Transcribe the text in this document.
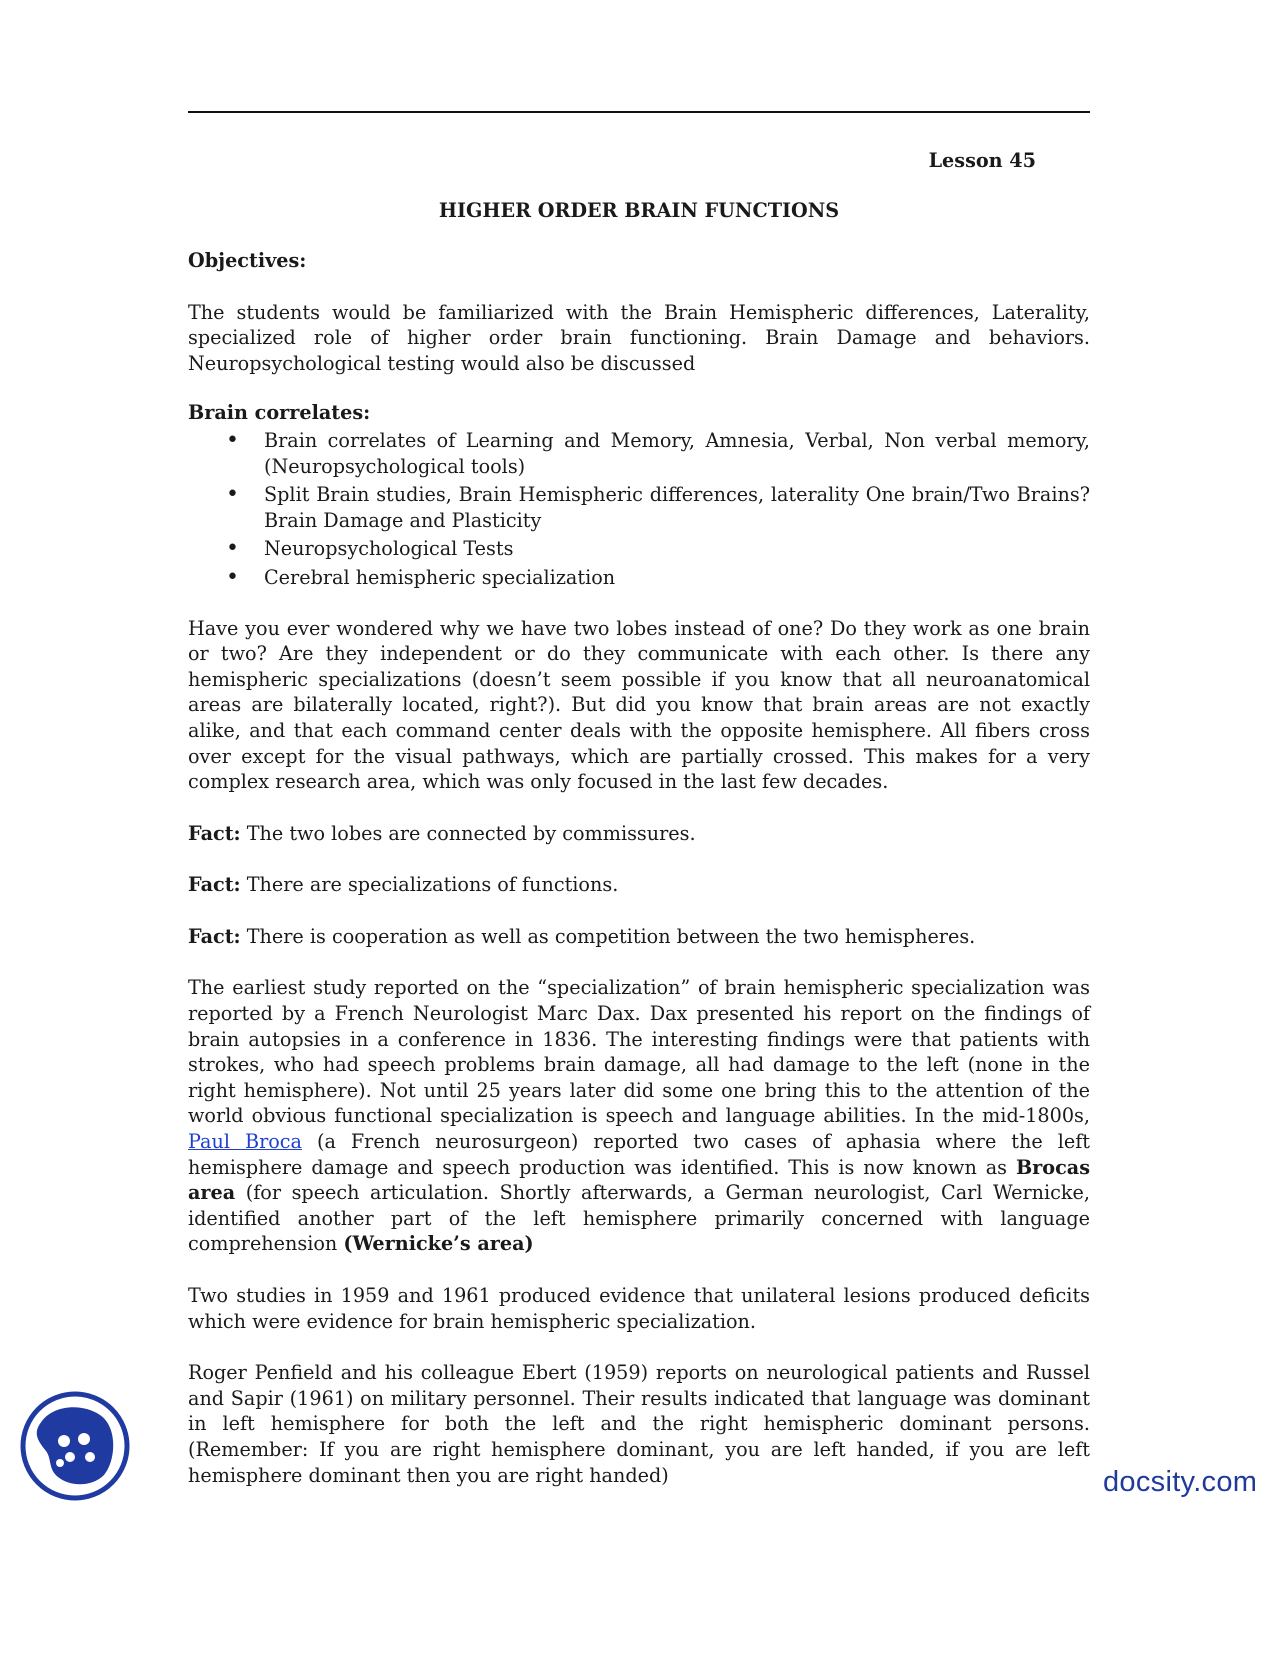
Lesson 45
HIGHER ORDER BRAIN FUNCTIONS
Objectives:

The students would be familiarized with the Brain Hemispheric differences, Laterality, specialized role of higher order brain functioning. Brain Damage and behaviors. Neuropsychological testing would also be discussed

Brain correlates:
• Brain correlates of Learning and Memory, Amnesia, Verbal, Non verbal memory, (Neuropsychological tools)
• Split Brain studies, Brain Hemispheric differences, laterality One brain/Two Brains? Brain Damage and Plasticity
• Neuropsychological Tests
• Cerebral hemispheric specialization

Have you ever wondered why we have two lobes instead of one? Do they work as one brain or two? Are they independent or do they communicate with each other. Is there any hemispheric specializations (doesn’t seem possible if you know that all neuroanatomical areas are bilaterally located, right?). But did you know that brain areas are not exactly alike, and that each command center deals with the opposite hemisphere. All fibers cross over except for the visual pathways, which are partially crossed. This makes for a very complex research area, which was only focused in the last few decades.

Fact: The two lobes are connected by commissures.

Fact: There are specializations of functions.

Fact: There is cooperation as well as competition between the two hemispheres.

The earliest study reported on the “specialization” of brain hemispheric specialization was reported by a French Neurologist Marc Dax. Dax presented his report on the findings of brain autopsies in a conference in 1836. The interesting findings were that patients with strokes, who had speech problems brain damage, all had damage to the left (none in the right hemisphere). Not until 25 years later did some one bring this to the attention of the world obvious functional specialization is speech and language abilities. In the mid-1800s, Paul Broca (a French neurosurgeon) reported two cases of aphasia where the left hemisphere damage and speech production was identified. This is now known as Brocas area (for speech articulation. Shortly afterwards, a German neurologist, Carl Wernicke, identified another part of the left hemisphere primarily concerned with language comprehension (Wernicke’s area)

Two studies in 1959 and 1961 produced evidence that unilateral lesions produced deficits which were evidence for brain hemispheric specialization.

Roger Penfield and his colleague Ebert (1959) reports on neurological patients and Russel and Sapir (1961) on military personnel. Their results indicated that language was dominant in left hemisphere for both the left and the right hemispheric dominant persons. (Remember: If you are right hemisphere dominant, you are left handed, if you are left hemisphere dominant then you are right handed)	docsity.com
